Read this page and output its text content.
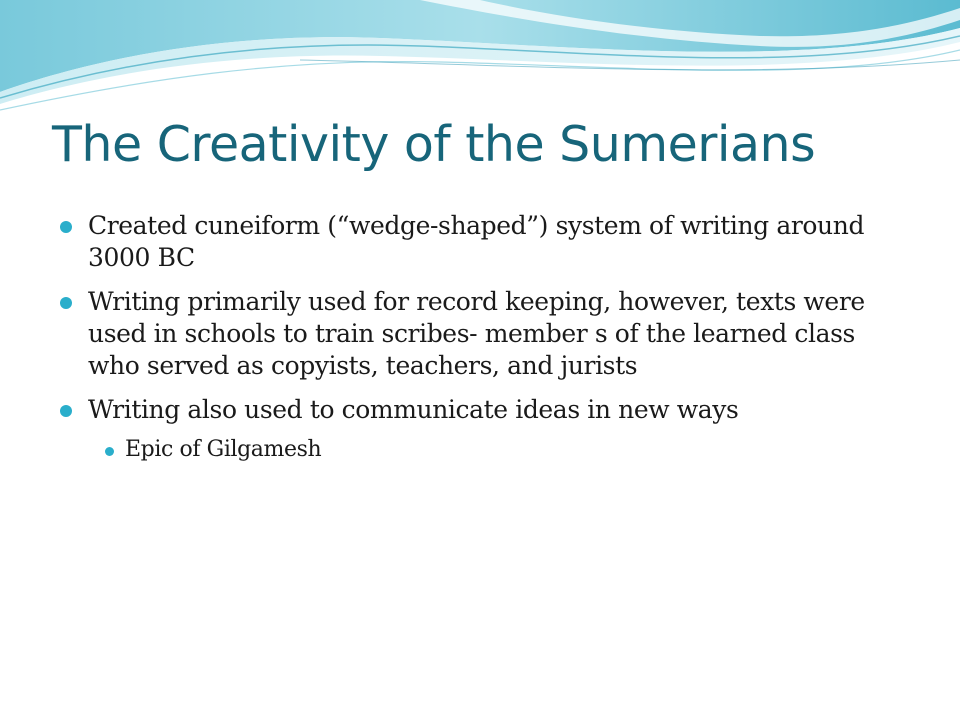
The Creativity of the Sumerians
Created cuneiform (“wedge-shaped”) system of writing around 3000 BC
Writing primarily used for record keeping, however, texts were used in schools to train scribes- member s of the learned class who served as copyists, teachers, and jurists
Writing also used to communicate ideas in new ways
Epic of Gilgamesh
